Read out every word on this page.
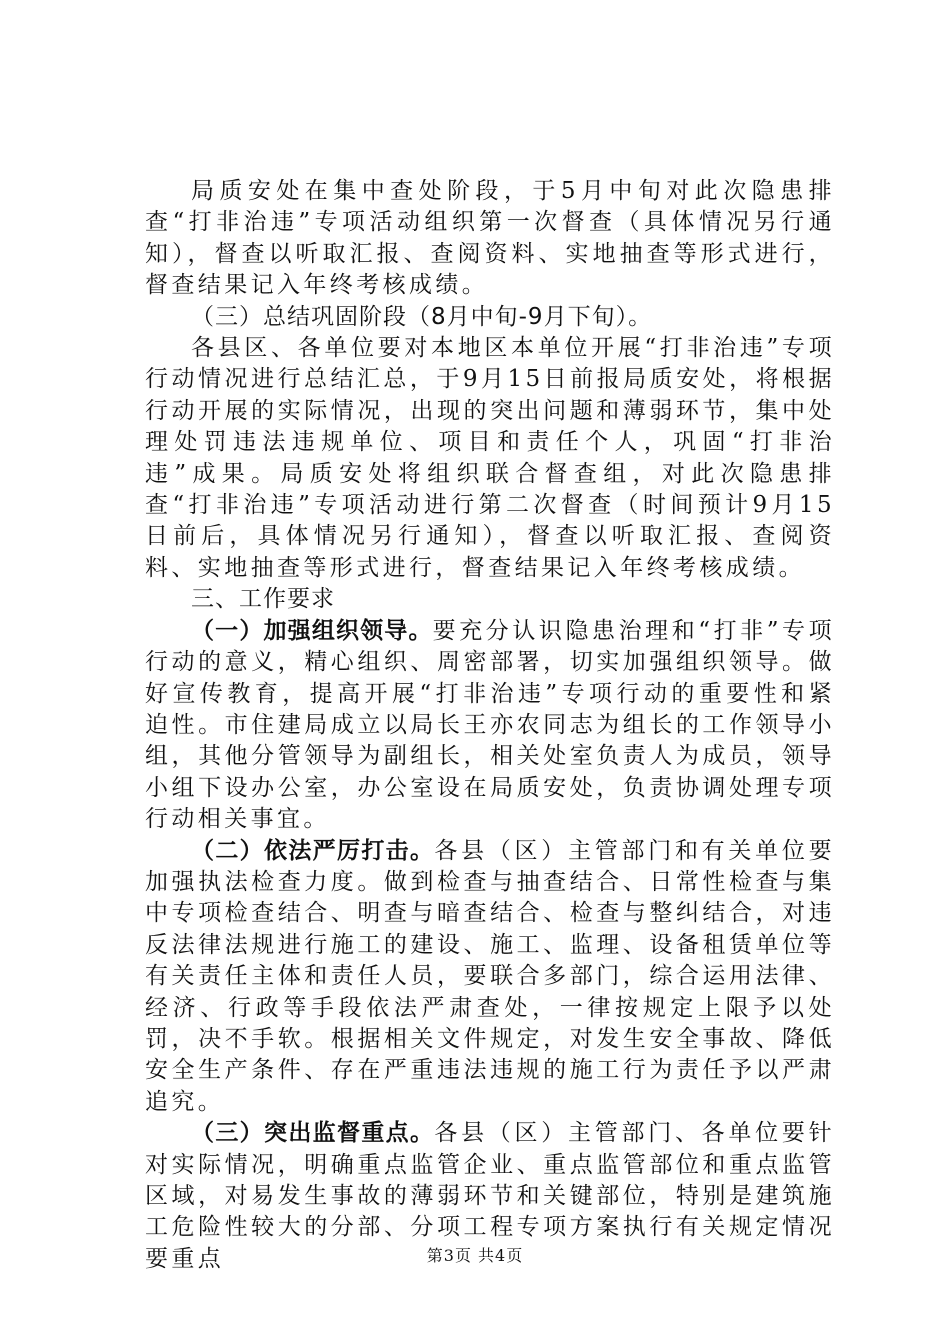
局质安处在集中查处阶段，于5月中旬对此次隐患排查“打非治违”专项活动组织第一次督查（具体情况另行通知），督查以听取汇报、查阅资料、实地抽查等形式进行，督查结果记入年终考核成绩。

（三）总结巩固阶段（8月中旬-9月下旬）。

各县区、各单位要对本地区本单位开展“打非治违”专项行动情况进行总结汇总，于9月15日前报局质安处，将根据行动开展的实际情况，出现的突出问题和薄弱环节，集中处理处罚违法违规单位、项目和责任个人，巩固“打非治违”成果。局质安处将组织联合督查组，对此次隐患排查“打非治违”专项活动进行第二次督查（时间预计9月15日前后，具体情况另行通知），督查以听取汇报、查阅资料、实地抽查等形式进行，督查结果记入年终考核成绩。

三、工作要求

（一）加强组织领导。要充分认识隐患治理和“打非”专项行动的意义，精心组织、周密部署，切实加强组织领导。做好宣传教育，提高开展“打非治违”专项行动的重要性和紧迫性。市住建局成立以局长王亦农同志为组长的工作领导小组，其他分管领导为副组长，相关处室负责人为成员，领导小组下设办公室，办公室设在局质安处，负责协调处理专项行动相关事宜。

（二）依法严厉打击。各县（区）主管部门和有关单位要加强执法检查力度。做到检查与抽查结合、日常性检查与集中专项检查结合、明查与暗查结合、检查与整纠结合，对违反法律法规进行施工的建设、施工、监理、设备租赁单位等有关责任主体和责任人员，要联合多部门，综合运用法律、经济、行政等手段依法严肃查处，一律按规定上限予以处罚，决不手软。根据相关文件规定，对发生安全事故、降低安全生产条件、存在严重违法违规的施工行为责任予以严肃追究。

（三）突出监督重点。各县（区）主管部门、各单位要针对实际情况，明确重点监管企业、重点监管部位和重点监管区域，对易发生事故的薄弱环节和关键部位，特别是建筑施工危险性较大的分部、分项工程专项方案执行有关规定情况要重点	第3页 共4页
